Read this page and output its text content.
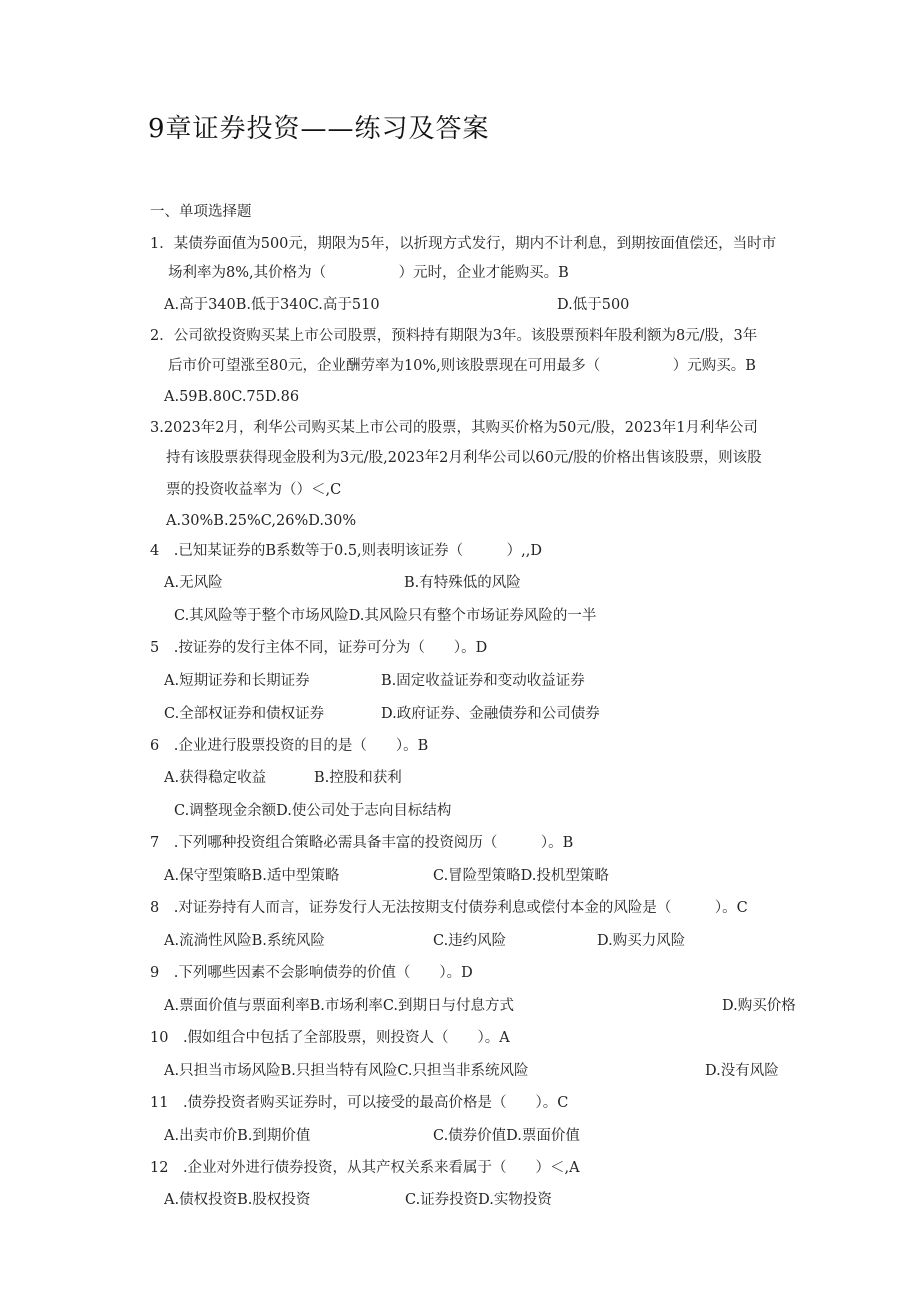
9章证券投资——练习及答案
一、单项选择题
1．某债券面值为500元，期限为5年，以折现方式发行，期内不计利息，到期按面值偿还，当时市
场利率为8%,其价格为（　　　　　）元时，企业才能购买。B
A.高于340B.低于340C.高于510	D.低于500
2．公司欲投资购买某上市公司股票，预料持有期限为3年。该股票预料年股利额为8元/股，3年
后市价可望涨至80元，企业酬劳率为10%,则该股票现在可用最多（　　　　　）元购买。B
A.59B.80C.75D.86
3.2023年2月，利华公司购买某上市公司的股票，其购买价格为50元/股，2023年1月利华公司
持有该股票获得现金股利为3元/股,2023年2月利华公司以60元/股的价格出售该股票，则该股
票的投资收益率为（）＜,C
A.30%B.25%C,26%D.30%
4　.已知某证券的B系数等于0.5,则表明该证券（　　　）,,D
A.无风险	B.有特殊低的风险
C.其风险等于整个市场风险D.其风险只有整个市场证券风险的一半
5　.按证券的发行主体不同，证券可分为（　　）。D
A.短期证券和长期证券	B.固定收益证券和变动收益证券
C.全部权证券和债权证券	D.政府证券、金融债券和公司债券
6　.企业进行股票投资的目的是（　　）。B
A.获得稳定收益	B.控股和获利
C.调整现金余额D.使公司处于志向目标结构
7　.下列哪种投资组合策略必需具备丰富的投资阅历（　　　）。B
A.保守型策略B.适中型策略	C.冒险型策略D.投机型策略
8　.对证券持有人而言，证券发行人无法按期支付债券利息或偿付本金的风险是（　　　）。C
A.流淌性风险B.系统风险	C.违约风险	D.购买力风险
9　.下列哪些因素不会影响债券的价值（　　）。D
A.票面价值与票面利率B.市场利率C.到期日与付息方式	D.购买价格
10　.假如组合中包括了全部股票，则投资人（　　）。A
A.只担当市场风险B.只担当特有风险C.只担当非系统风险	D.没有风险
11　.债券投资者购买证券时，可以接受的最高价格是（　　）。C
A.出卖市价B.到期价值	C.债券价值D.票面价值
12　.企业对外进行债券投资，从其产权关系来看属于（　　）＜,A
A.债权投资B.股权投资	C.证券投资D.实物投资
